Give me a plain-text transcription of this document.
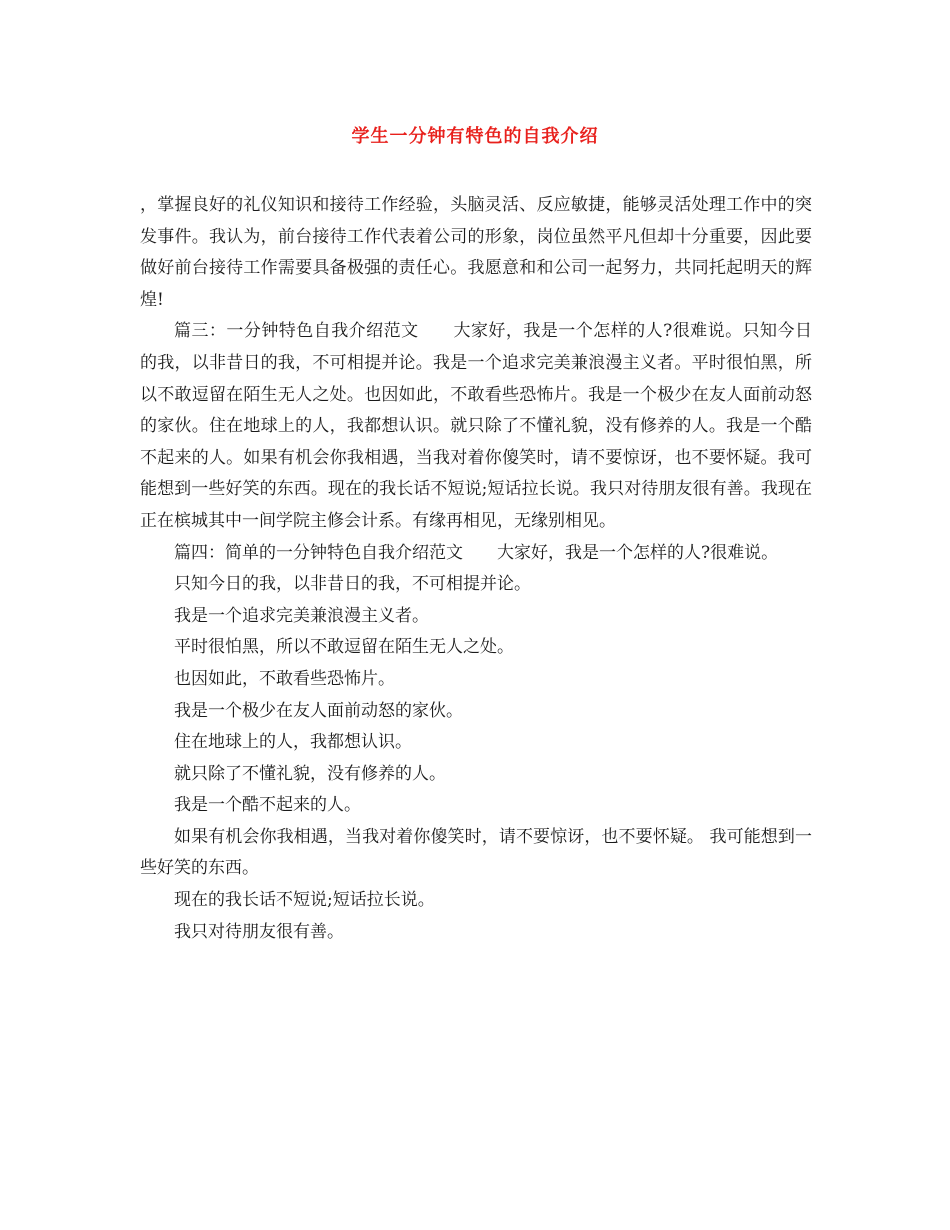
学生一分钟有特色的自我介绍

，掌握良好的礼仪知识和接待工作经验，头脑灵活、反应敏捷，能够灵活处理工作中的突发事件。我认为，前台接待工作代表着公司的形象，岗位虽然平凡但却十分重要，因此要做好前台接待工作需要具备极强的责任心。我愿意和和公司一起努力，共同托起明天的辉煌!

篇三：一分钟特色自我介绍范文　　大家好，我是一个怎样的人?很难说。只知今日的我，以非昔日的我，不可相提并论。我是一个追求完美兼浪漫主义者。平时很怕黑，所以不敢逗留在陌生无人之处。也因如此，不敢看些恐怖片。我是一个极少在友人面前动怒的家伙。住在地球上的人，我都想认识。就只除了不懂礼貌，没有修养的人。我是一个酷不起来的人。如果有机会你我相遇，当我对着你傻笑时，请不要惊讶，也不要怀疑。我可能想到一些好笑的东西。现在的我长话不短说;短话拉长说。我只对待朋友很有善。我现在正在槟城其中一间学院主修会计系。有缘再相见，无缘别相见。

篇四：简单的一分钟特色自我介绍范文　　大家好，我是一个怎样的人?很难说。

只知今日的我，以非昔日的我，不可相提并论。

我是一个追求完美兼浪漫主义者。

平时很怕黑，所以不敢逗留在陌生无人之处。

也因如此，不敢看些恐怖片。

我是一个极少在友人面前动怒的家伙。

住在地球上的人，我都想认识。

就只除了不懂礼貌，没有修养的人。

我是一个酷不起来的人。

如果有机会你我相遇，当我对着你傻笑时，请不要惊讶，也不要怀疑。 我可能想到一些好笑的东西。

现在的我长话不短说;短话拉长说。

我只对待朋友很有善。
